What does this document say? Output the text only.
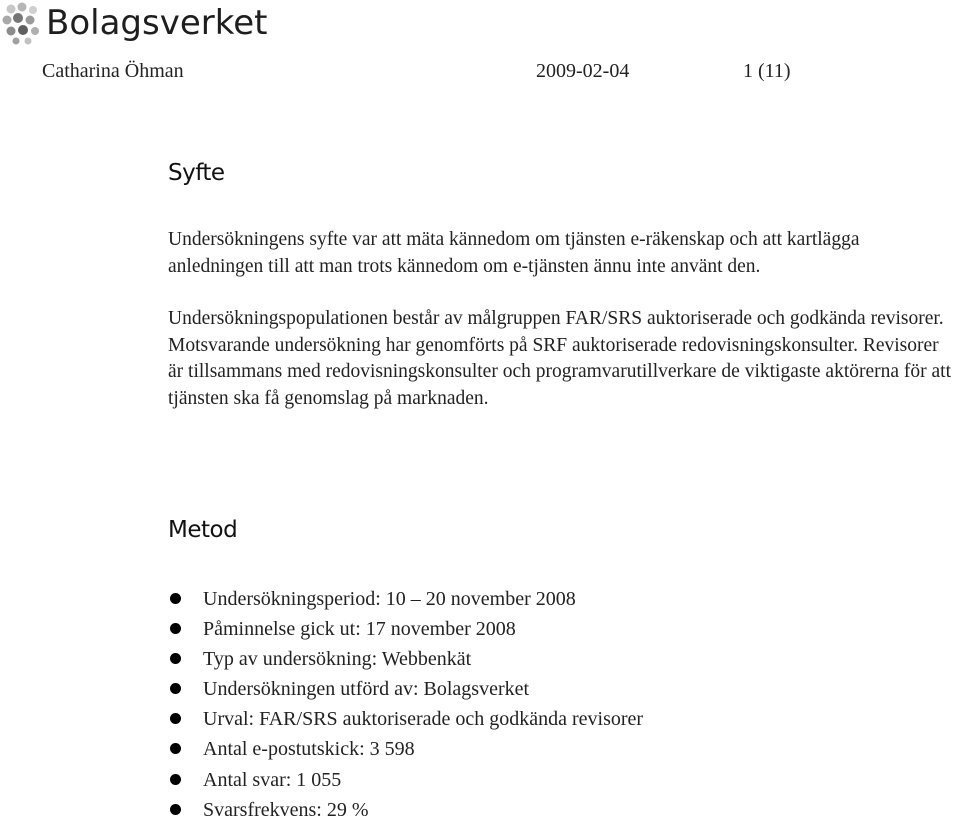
Bolagsverket
Catharina Öhman	2009-02-04	1 (11)
Syfte
Undersökningens syfte var att mäta kännedom om tjänsten e-räkenskap och att kartlägga anledningen till att man trots kännedom om e-tjänsten ännu inte använt den.
Undersökningspopulationen består av målgruppen FAR/SRS auktoriserade och godkända revisorer. Motsvarande undersökning har genomförts på SRF auktoriserade redovisningskonsulter. Revisorer är tillsammans med redovisningskonsulter och programvarutillverkare de viktigaste aktörerna för att tjänsten ska få genomslag på marknaden.
Metod
Undersökningsperiod: 10 – 20 november 2008
Påminnelse gick ut: 17 november 2008
Typ av undersökning: Webbenkät
Undersökningen utförd av: Bolagsverket
Urval: FAR/SRS auktoriserade och godkända revisorer
Antal e-postutskick: 3 598
Antal svar: 1 055
Svarsfrekvens: 29 %
